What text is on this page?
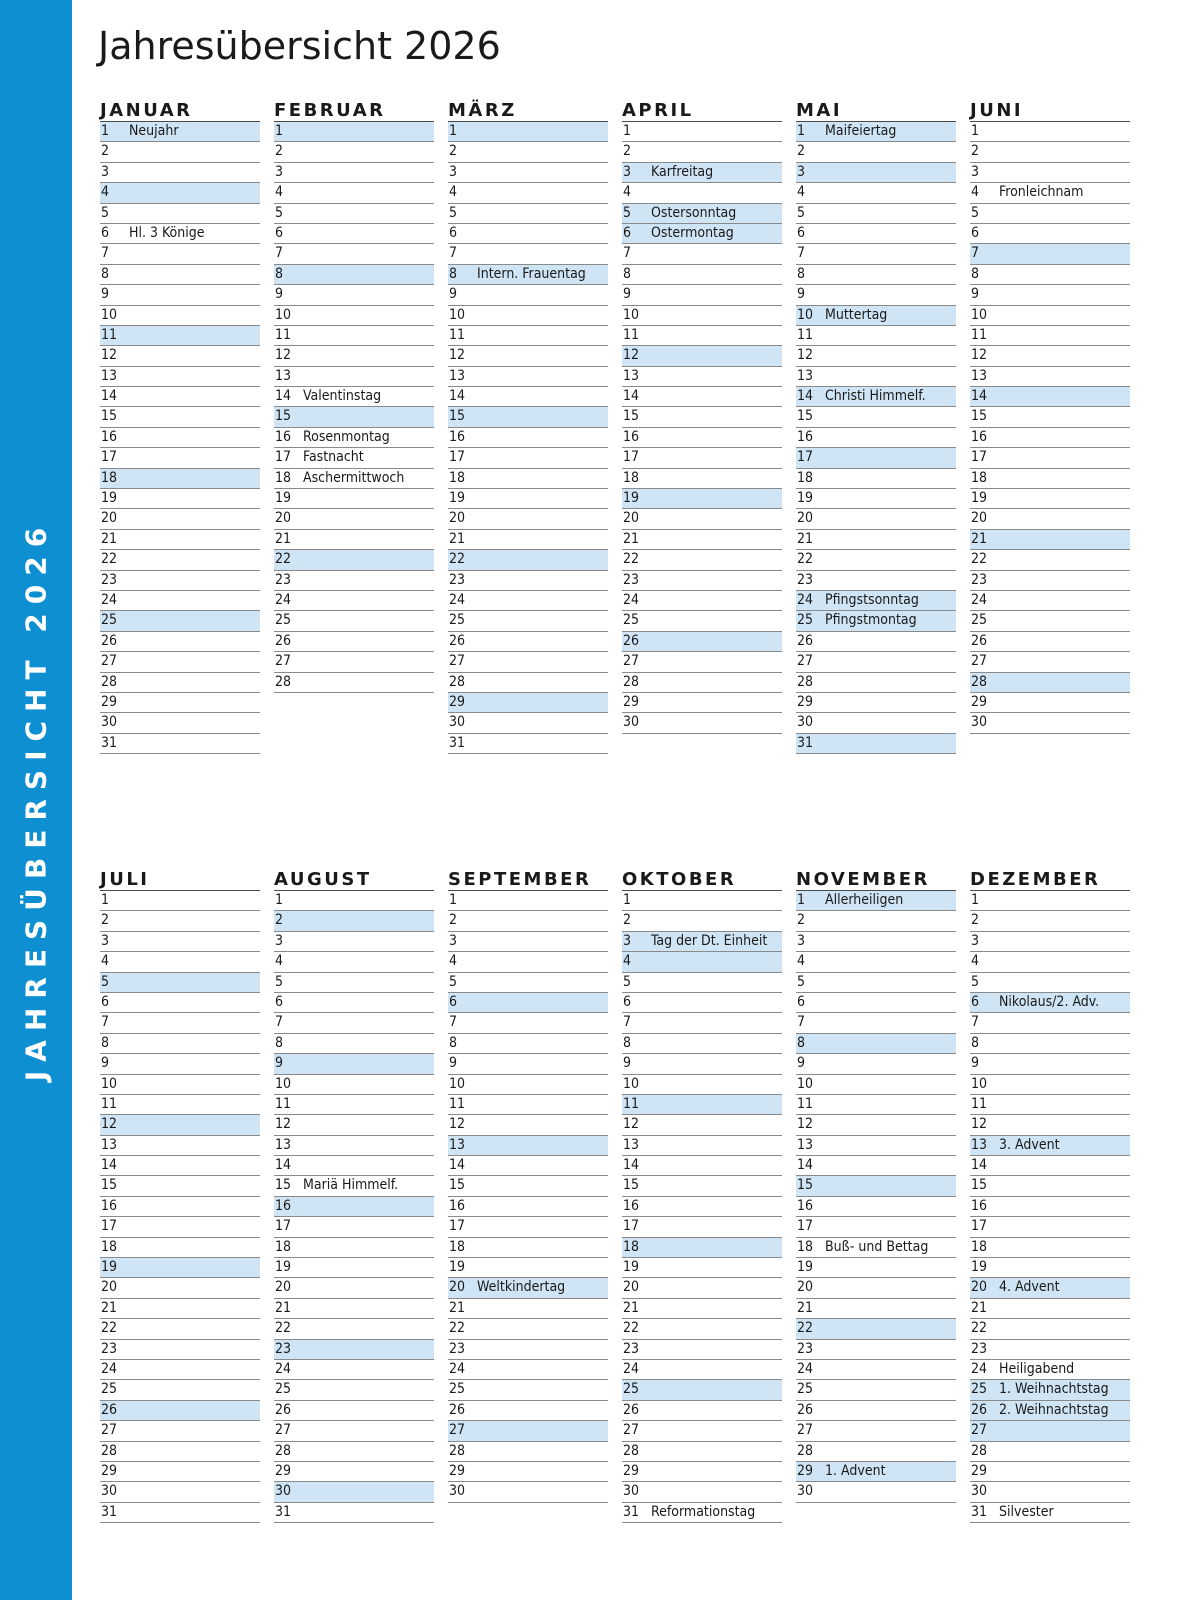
JAHRESÜBERSICHT 2026
Jahresübersicht 2026
JANUAR
1 Neujahr
2
3
4
5
6 Hl. 3 Könige
7
8
9
10
11
12
13
14
15
16
17
18
19
20
21
22
23
24
25
26
27
28
29
30
31
FEBRUAR
1
2
3
4
5
6
7
8
9
10
11
12
13
14 Valentinstag
15
16 Rosenmontag
17 Fastnacht
18 Aschermittwoch
19
20
21
22
23
24
25
26
27
28
MÄRZ
1
2
3
4
5
6
7
8 Intern. Frauentag
9
10
11
12
13
14
15
16
17
18
19
20
21
22
23
24
25
26
27
28
29
30
31
APRIL
1
2
3 Karfreitag
4
5 Ostersonntag
6 Ostermontag
7
8
9
10
11
12
13
14
15
16
17
18
19
20
21
22
23
24
25
26
27
28
29
30
MAI
1 Maifeiertag
2
3
4
5
6
7
8
9
10 Muttertag
11
12
13
14 Christi Himmelf.
15
16
17
18
19
20
21
22
23
24 Pfingstsonntag
25 Pfingstmontag
26
27
28
29
30
31
JUNI
1
2
3
4 Fronleichnam
5
6
7
8
9
10
11
12
13
14
15
16
17
18
19
20
21
22
23
24
25
26
27
28
29
30
JULI
1
2
3
4
5
6
7
8
9
10
11
12
13
14
15
16
17
18
19
20
21
22
23
24
25
26
27
28
29
30
31
AUGUST
1
2
3
4
5
6
7
8
9
10
11
12
13
14
15 Mariä Himmelf.
16
17
18
19
20
21
22
23
24
25
26
27
28
29
30
31
SEPTEMBER
1
2
3
4
5
6
7
8
9
10
11
12
13
14
15
16
17
18
19
20 Weltkindertag
21
22
23
24
25
26
27
28
29
30
OKTOBER
1
2
3 Tag der Dt. Einheit
4
5
6
7
8
9
10
11
12
13
14
15
16
17
18
19
20
21
22
23
24
25
26
27
28
29
30
31 Reformationstag
NOVEMBER
1 Allerheiligen
2
3
4
5
6
7
8
9
10
11
12
13
14
15
16
17
18 Buß- und Bettag
19
20
21
22
23
24
25
26
27
28
29 1. Advent
30
DEZEMBER
1
2
3
4
5
6 Nikolaus/2. Adv.
7
8
9
10
11
12
13 3. Advent
14
15
16
17
18
19
20 4. Advent
21
22
23
24 Heiligabend
25 1. Weihnachtstag
26 2. Weihnachtstag
27
28
29
30
31 Silvester
